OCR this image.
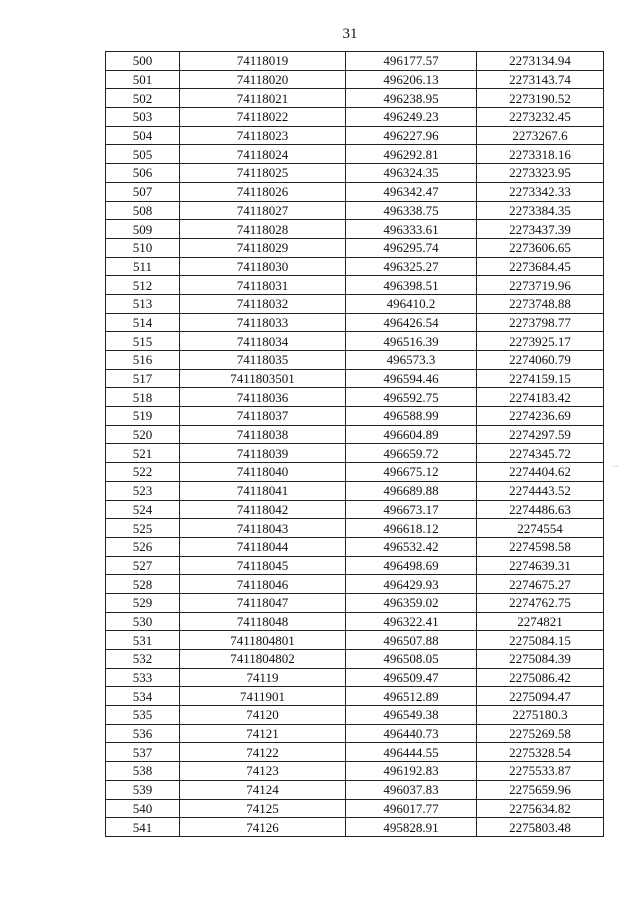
31
500	74118019	496177.57	2273134.94
501	74118020	496206.13	2273143.74
502	74118021	496238.95	2273190.52
503	74118022	496249.23	2273232.45
504	74118023	496227.96	2273267.6
505	74118024	496292.81	2273318.16
506	74118025	496324.35	2273323.95
507	74118026	496342.47	2273342.33
508	74118027	496338.75	2273384.35
509	74118028	496333.61	2273437.39
510	74118029	496295.74	2273606.65
511	74118030	496325.27	2273684.45
512	74118031	496398.51	2273719.96
513	74118032	496410.2	2273748.88
514	74118033	496426.54	2273798.77
515	74118034	496516.39	2273925.17
516	74118035	496573.3	2274060.79
517	7411803501	496594.46	2274159.15
518	74118036	496592.75	2274183.42
519	74118037	496588.99	2274236.69
520	74118038	496604.89	2274297.59
521	74118039	496659.72	2274345.72
522	74118040	496675.12	2274404.62
523	74118041	496689.88	2274443.52
524	74118042	496673.17	2274486.63
525	74118043	496618.12	2274554
526	74118044	496532.42	2274598.58
527	74118045	496498.69	2274639.31
528	74118046	496429.93	2274675.27
529	74118047	496359.02	2274762.75
530	74118048	496322.41	2274821
531	7411804801	496507.88	2275084.15
532	7411804802	496508.05	2275084.39
533	74119	496509.47	2275086.42
534	7411901	496512.89	2275094.47
535	74120	496549.38	2275180.3
536	74121	496440.73	2275269.58
537	74122	496444.55	2275328.54
538	74123	496192.83	2275533.87
539	74124	496037.83	2275659.96
540	74125	496017.77	2275634.82
541	74126	495828.91	2275803.48
··
